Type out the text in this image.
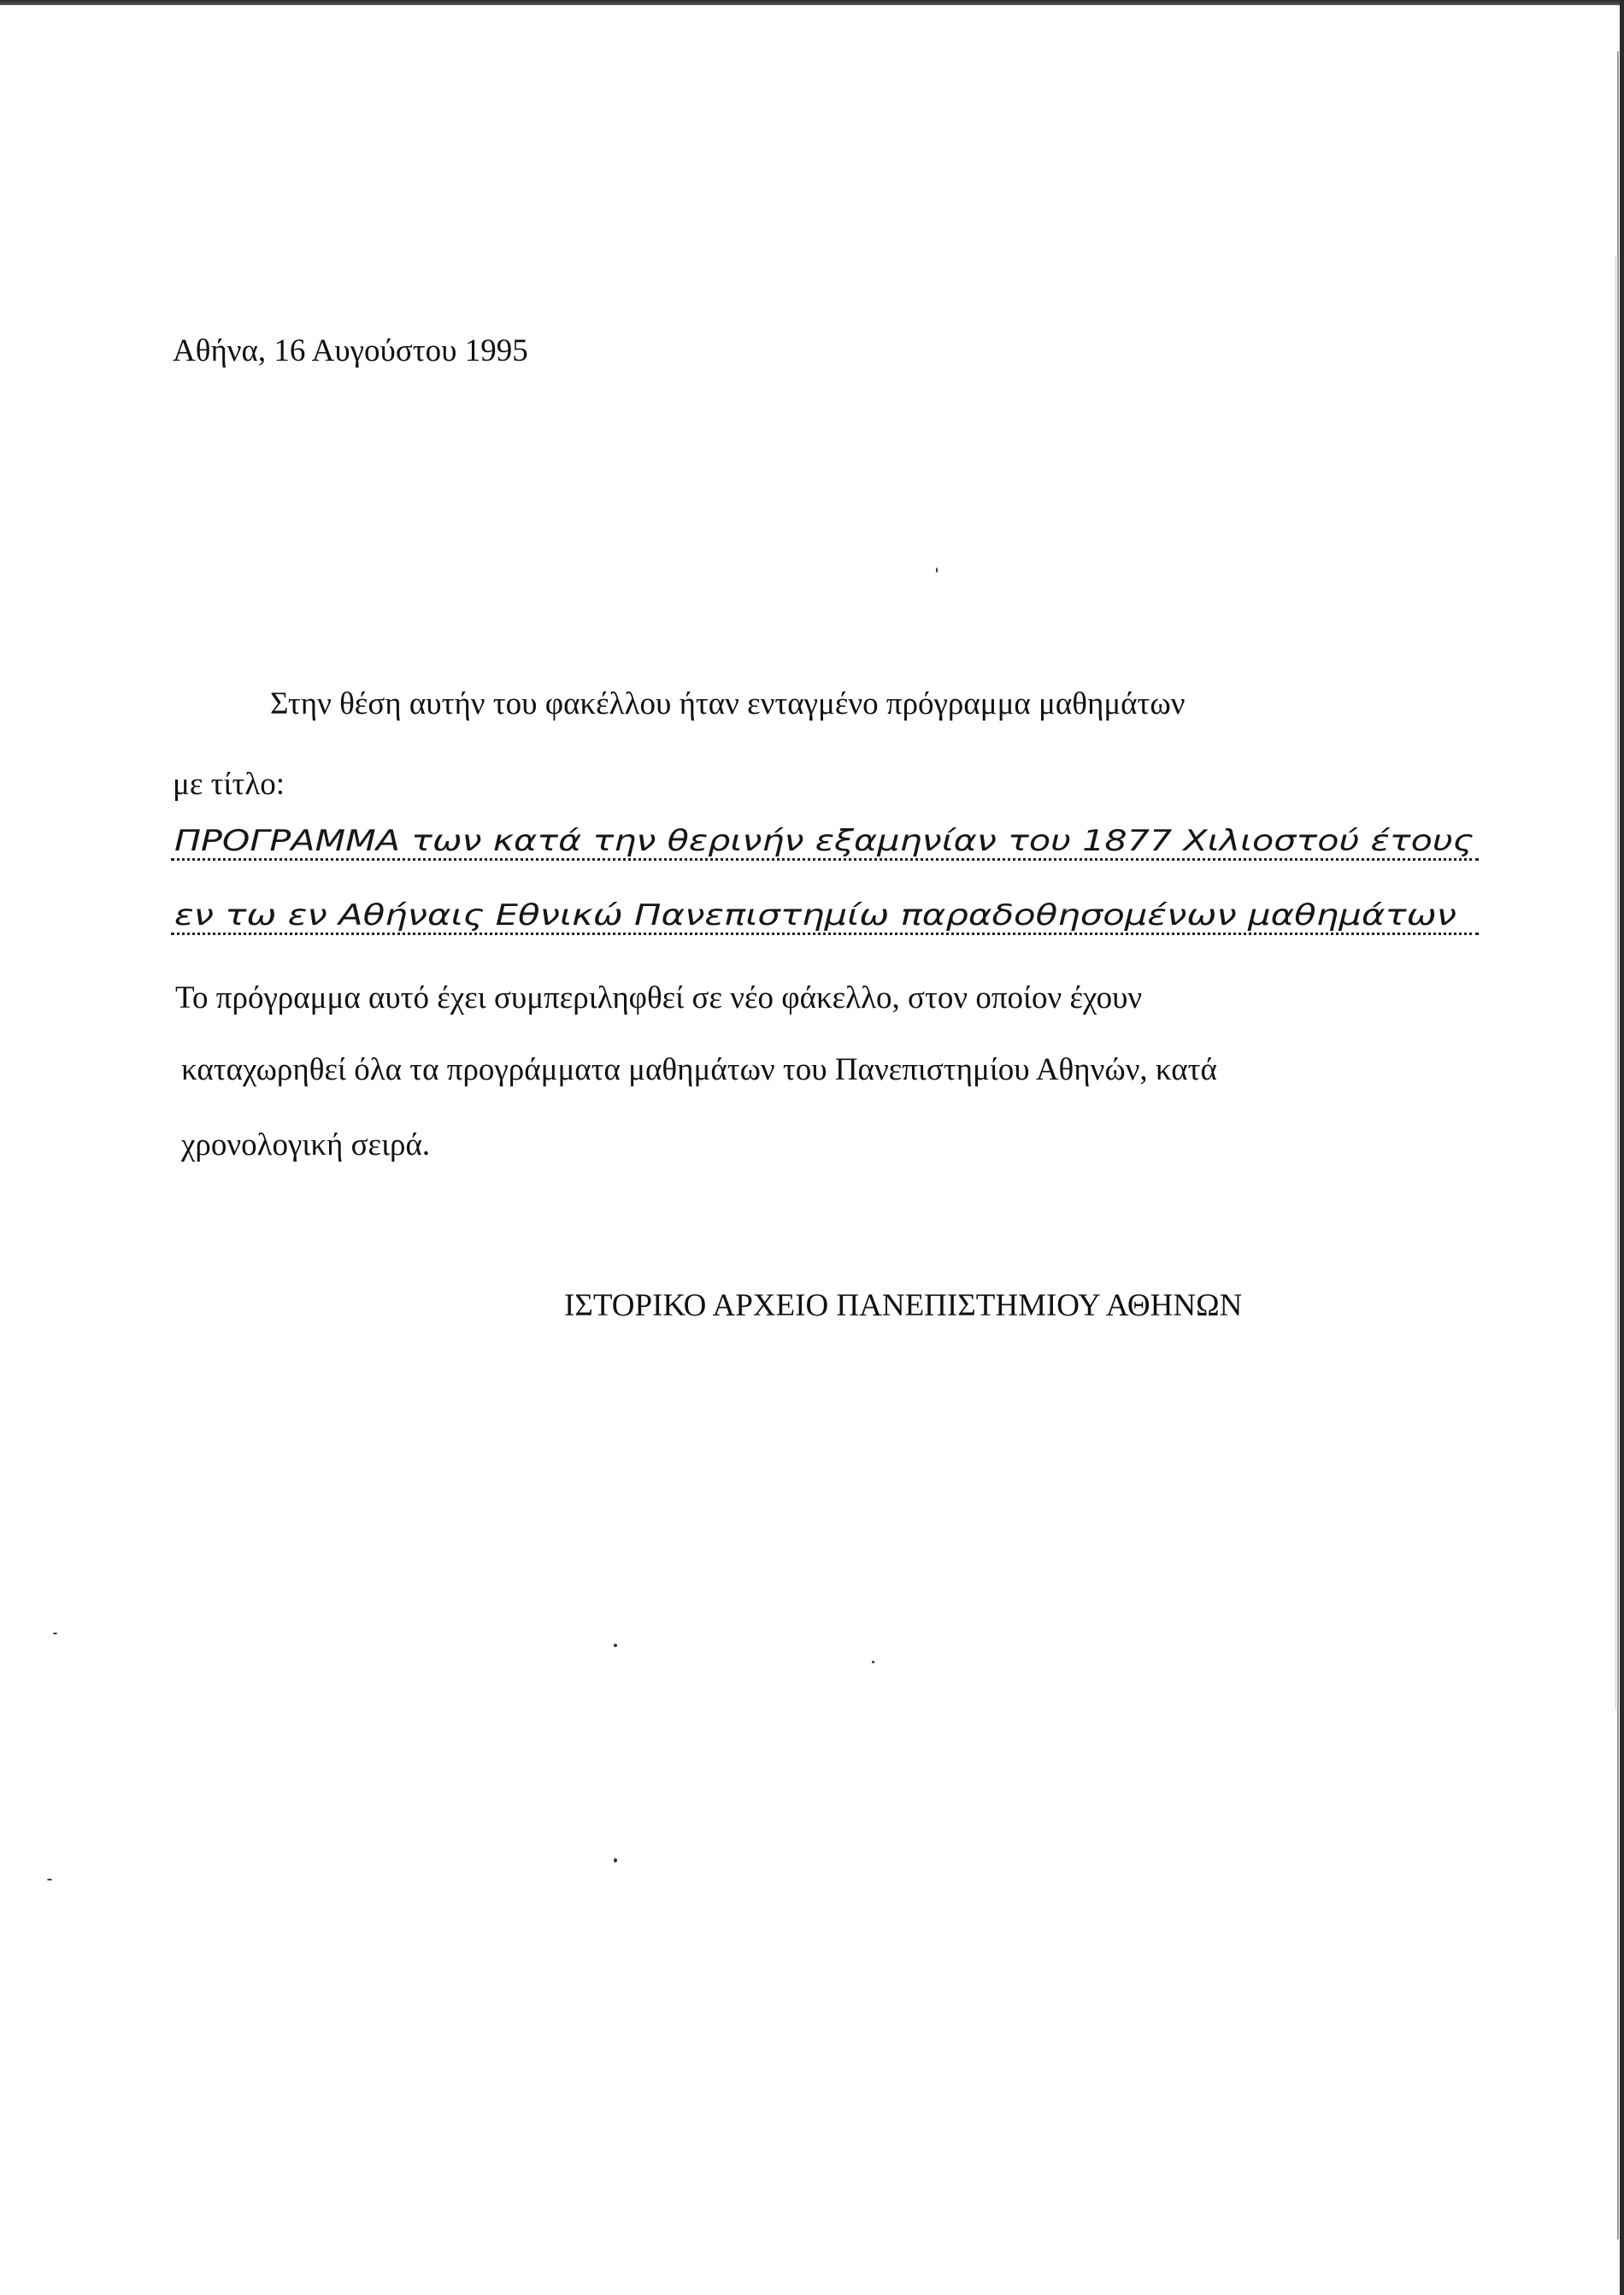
Αθήνα, 16 Αυγούστου 1995
Στην θέση αυτήν του φακέλλου ήταν ενταγμένο πρόγραμμα μαθημάτων
με τίτλο:
ΠΡΟΓΡΑΜΜΑ των κατά την θερινήν εξαμηνίαν του 1877 Χιλιοστού έτους
εν τω εν Αθήναις Εθνικώ Πανεπιστημίω παραδοθησομένων μαθημάτων
Το πρόγραμμα αυτό έχει συμπεριληφθεί σε νέο φάκελλο, στον οποίον έχουν
καταχωρηθεί όλα τα προγράμματα μαθημάτων του Πανεπιστημίου Αθηνών, κατά
χρονολογική σειρά.
ΙΣΤΟΡΙΚΟ ΑΡΧΕΙΟ ΠΑΝΕΠΙΣΤΗΜΙΟΥ ΑΘΗΝΩΝ
